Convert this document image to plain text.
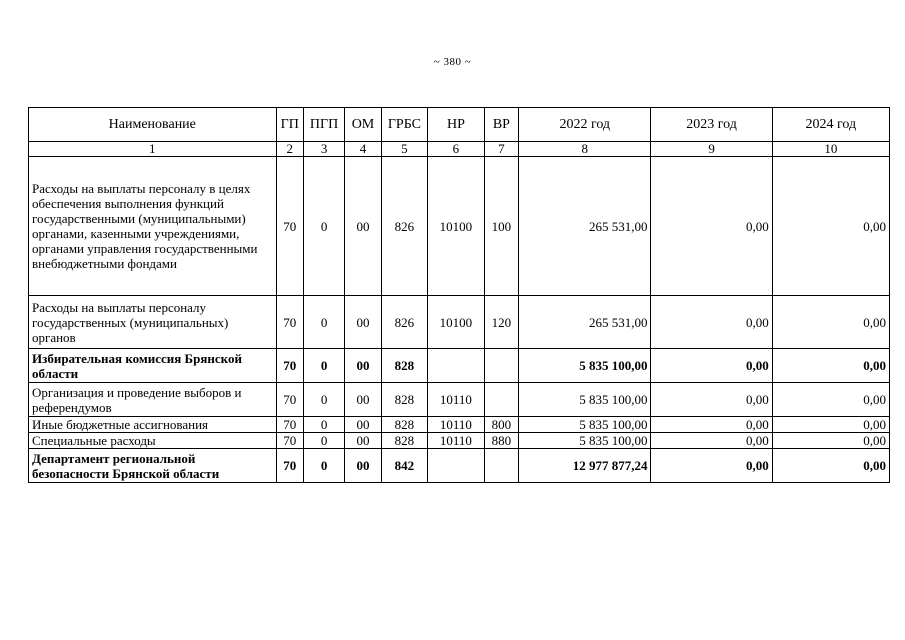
~ 380 ~
Наименование	ГП	ПГП	ОМ	ГРБС	НР	ВР	2022 год	2023 год	2024 год
1	2	3	4	5	6	7	8	9	10
Расходы на выплаты персоналу в целях обеспечения выполнения функций государственными (муниципальными) органами, казенными учреждениями, органами управления государственными внебюджетными фондами	70	0	00	826	10100	100	265 531,00	0,00	0,00
Расходы на выплаты персоналу государственных (муниципальных) органов	70	0	00	826	10100	120	265 531,00	0,00	0,00
Избирательная комиссия Брянской области	70	0	00	828			5 835 100,00	0,00	0,00
Организация и проведение выборов и референдумов	70	0	00	828	10110		5 835 100,00	0,00	0,00
Иные бюджетные ассигнования	70	0	00	828	10110	800	5 835 100,00	0,00	0,00
Специальные расходы	70	0	00	828	10110	880	5 835 100,00	0,00	0,00
Департамент региональной безопасности Брянской области	70	0	00	842			12 977 877,24	0,00	0,00
